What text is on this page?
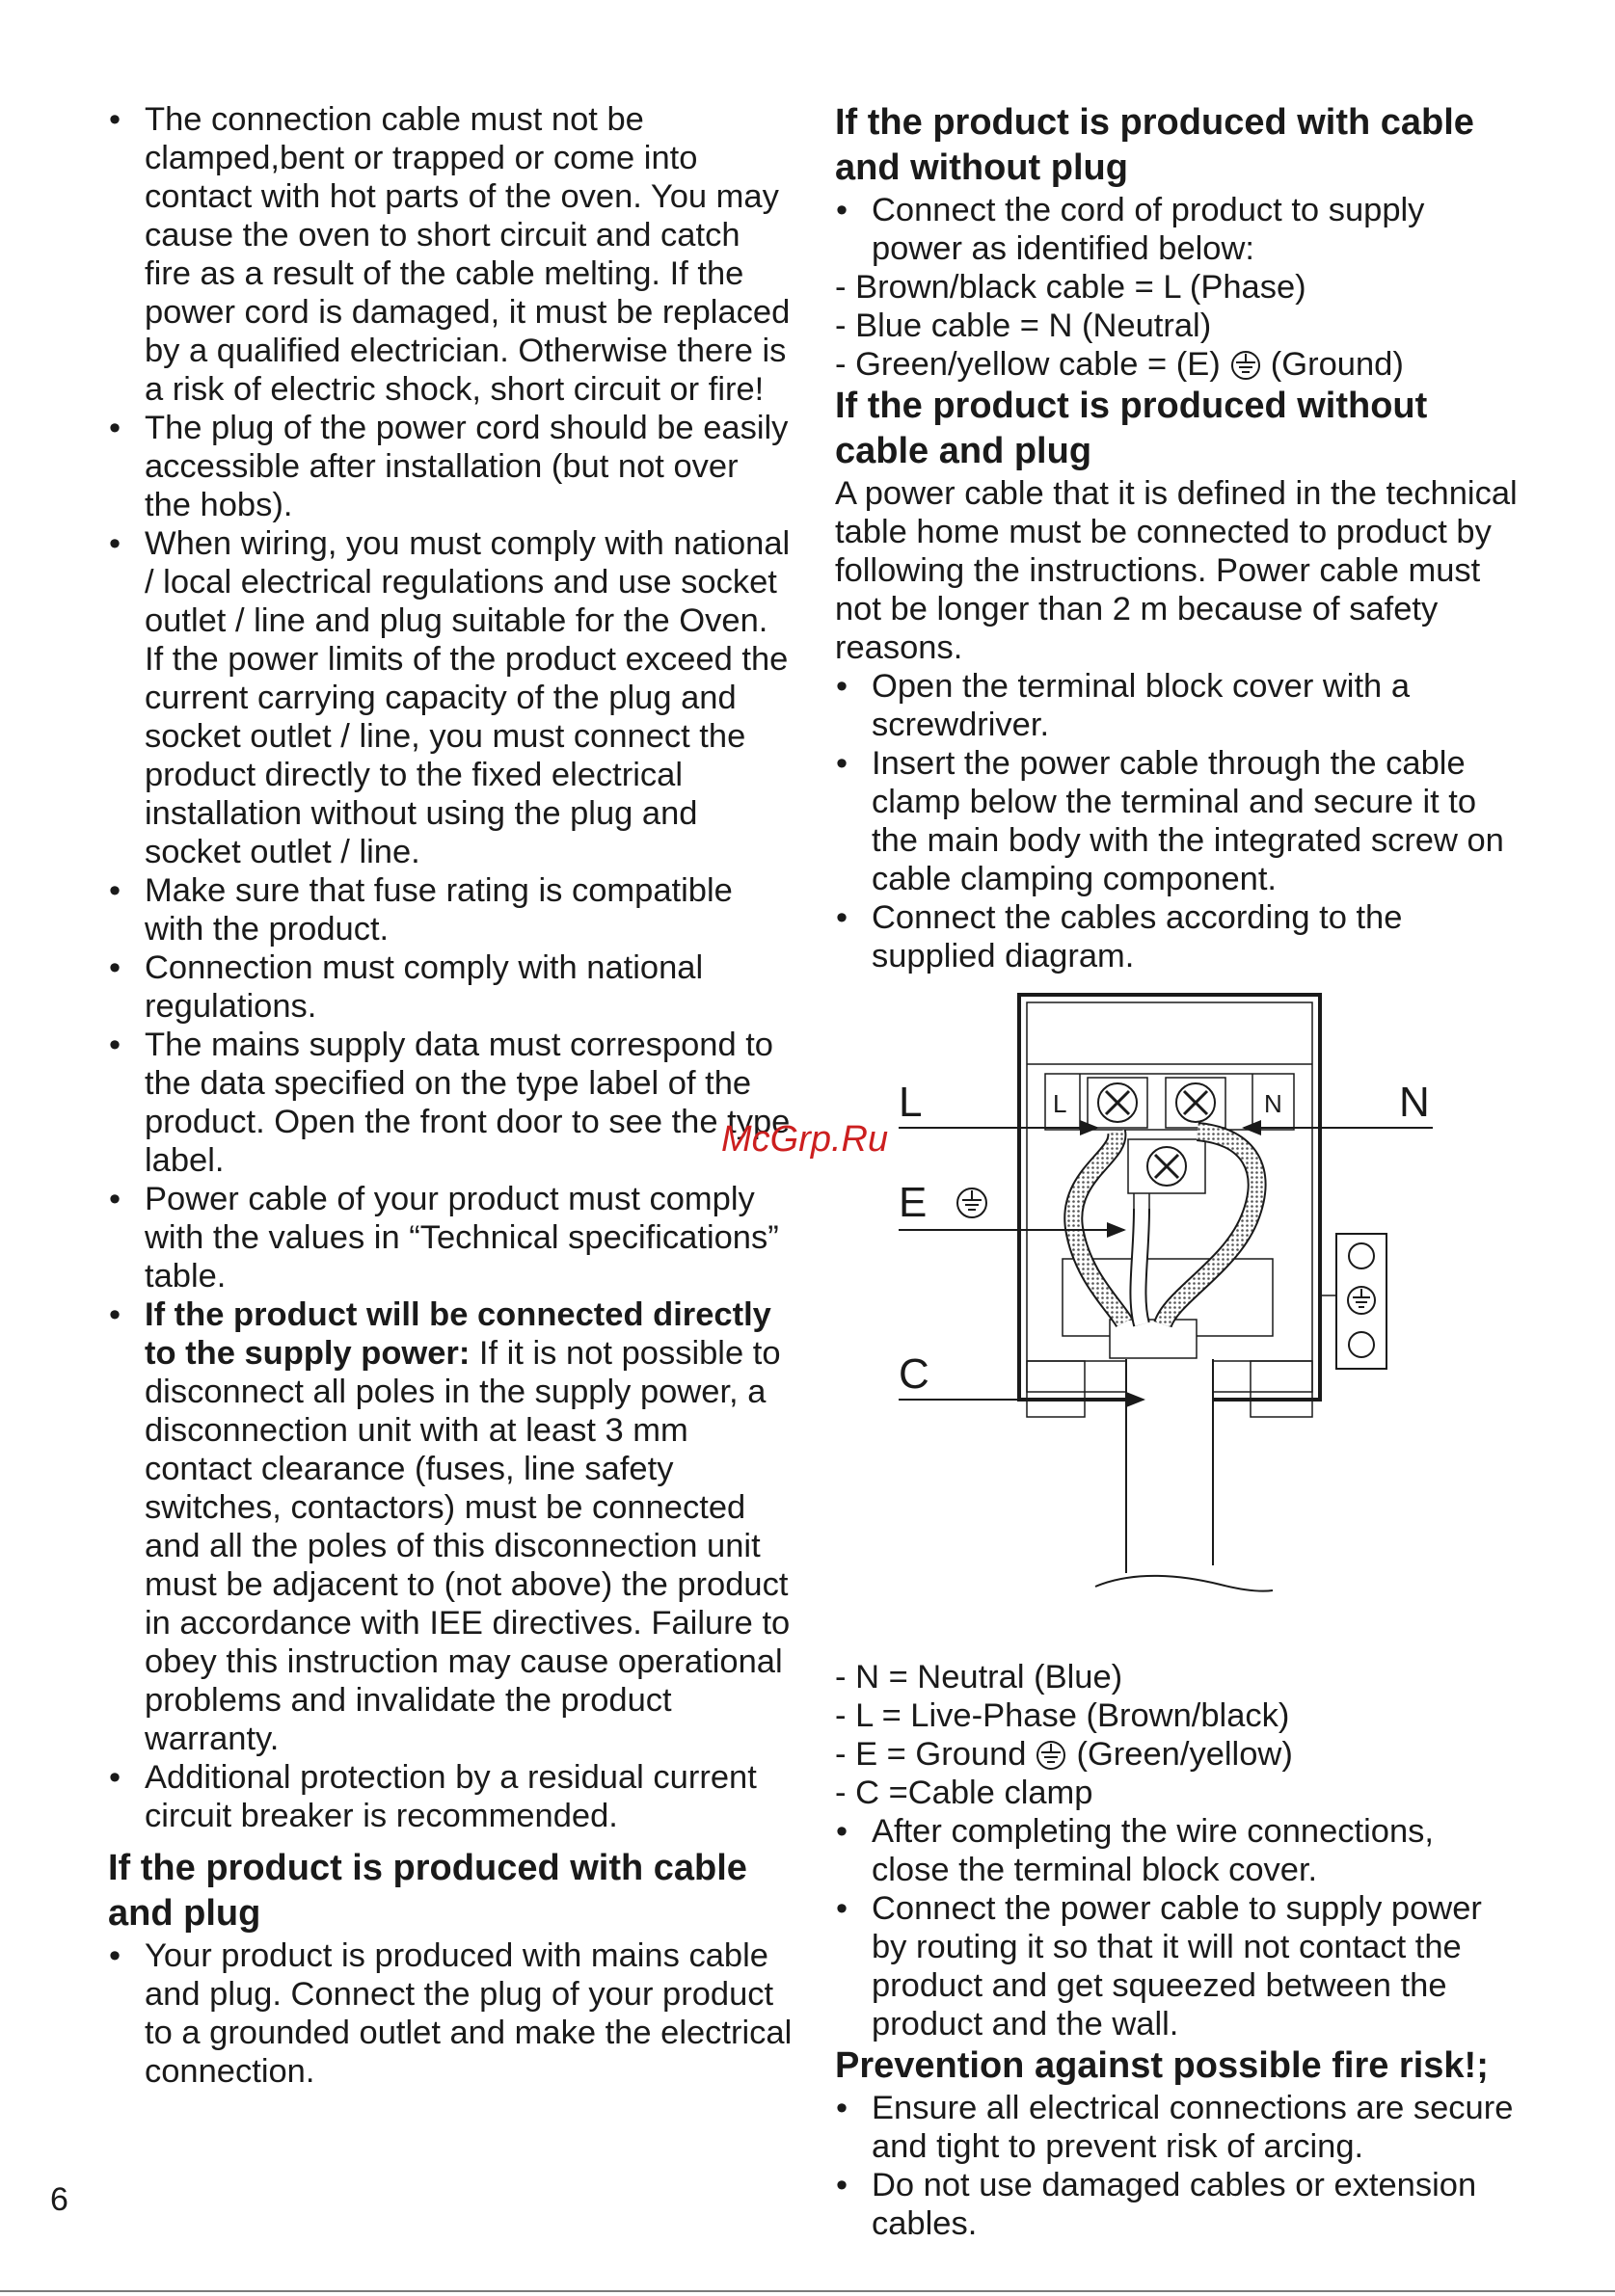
• The connection cable must not be clamped,bent or trapped or come into contact with hot parts of the oven. You may cause the oven to short circuit and catch fire as a result of the cable melting. If the power cord is damaged, it must be replaced by a qualified electrician. Otherwise there is a risk of electric shock, short circuit or fire!
• The plug of the power cord should be easily accessible after installation (but not over the hobs).
• When wiring, you must comply with national / local electrical regulations and use socket outlet / line and plug suitable for the Oven. If the power limits of the product exceed the current carrying capacity of the plug and socket outlet / line, you must connect the product directly to the fixed electrical installation without using the plug and socket outlet / line.
• Make sure that fuse rating is compatible with the product.
• Connection must comply with national regulations.
• The mains supply data must correspond to the data specified on the type label of the product. Open the front door to see the type label.
• Power cable of your product must comply with the values in “Technical specifications” table.
• If the product will be connected directly to the supply power: If it is not possible to disconnect all poles in the supply power, a disconnection unit with at least 3 mm contact clearance (fuses, line safety switches, contactors) must be connected and all the poles of this disconnection unit must be adjacent to (not above) the product in accordance with IEE directives. Failure to obey this instruction may cause operational problems and invalidate the product warranty.
• Additional protection by a residual current circuit breaker is recommended.
If the product is produced with cable and plug
• Your product is produced with mains cable and plug. Connect the plug of your product to a grounded outlet and make the electrical connection.
If the product is produced with cable and without plug
• Connect the cord of product to supply power as identified below:

- Brown/black cable = L (Phase)

- Blue cable = N (Neutral)

- Green/yellow cable = (E) (Ground)

If the product is produced without cable and plug

A power cable that it is defined in the technical table home must be connected to product by following the instructions. Power cable must not be longer than 2 m because of safety reasons.

• Open the terminal block cover with a screwdriver.
• Insert the power cable through the cable clamp below the terminal and secure it to the main body with the integrated screw on cable clamping component.
• Connect the cables according to the supplied diagram.
L	N
L	N
E
C
McGrp.Ru

- N = Neutral (Blue)

- L = Live-Phase (Brown/black)

- E = Ground (Green/yellow)

- C =Cable clamp

• After completing the wire connections, close the terminal block cover.
• Connect the power cable to supply power by routing it so that it will not contact the product and get squeezed between the product and the wall.
Prevention against possible fire risk!;
• Ensure all electrical connections are secure and tight to prevent risk of arcing.
• Do not use damaged cables or extension cables.
6
